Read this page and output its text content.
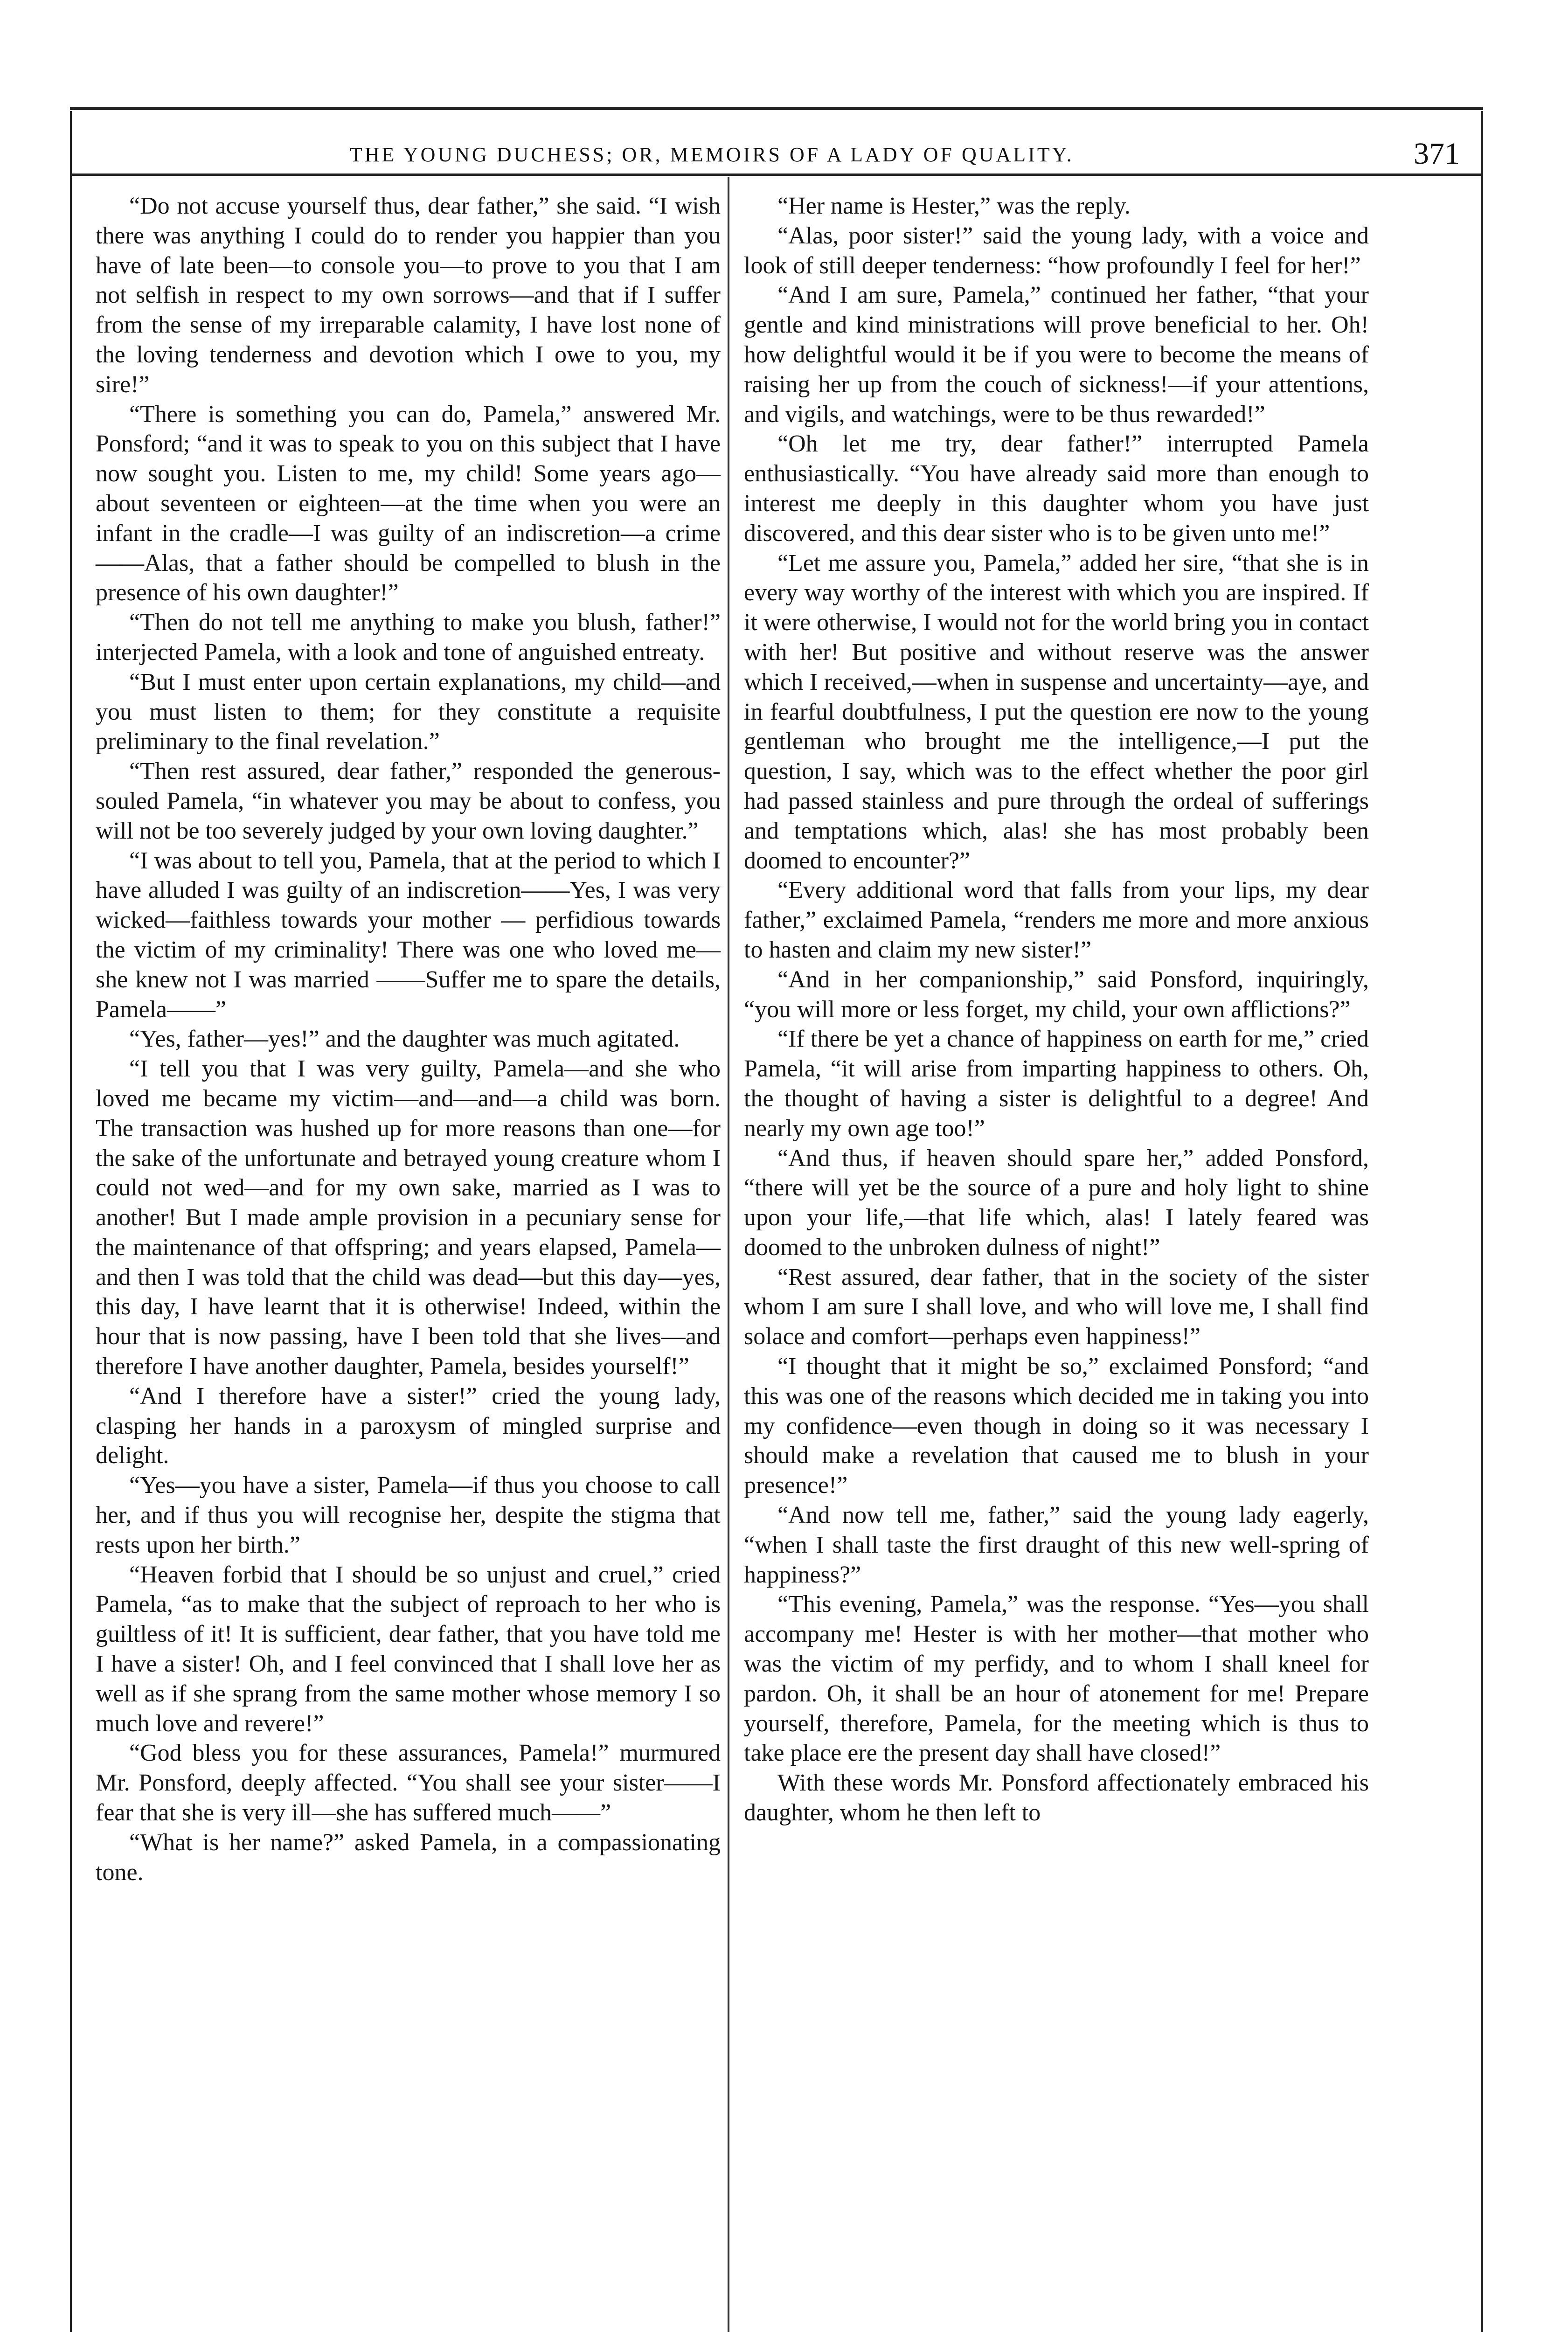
THE YOUNG DUCHESS; OR, MEMOIRS OF A LADY OF QUALITY.	371

“Do not accuse yourself thus, dear father,” she said. “I wish there was anything I could do to render you happier than you have of late been—to console you—to prove to you that I am not selfish in respect to my own sorrows—and that if I suffer from the sense of my irreparable calamity, I have lost none of the loving tenderness and devotion which I owe to you, my sire!”

“There is something you can do, Pamela,” answered Mr. Ponsford; “and it was to speak to you on this subject that I have now sought you. Listen to me, my child! Some years ago—about seventeen or eighteen—at the time when you were an infant in the cradle—I was guilty of an indiscretion—a crime——Alas, that a father should be compelled to blush in the presence of his own daughter!”

“Then do not tell me anything to make you blush, father!” interjected Pamela, with a look and tone of anguished entreaty.

“But I must enter upon certain explanations, my child—and you must listen to them; for they constitute a requisite preliminary to the final revelation.”

“Then rest assured, dear father,” responded the generous-souled Pamela, “in whatever you may be about to confess, you will not be too severely judged by your own loving daughter.”

“I was about to tell you, Pamela, that at the period to which I have alluded I was guilty of an indiscretion——Yes, I was very wicked—faithless towards your mother — perfidious towards the victim of my criminality! There was one who loved me—she knew not I was married ——Suffer me to spare the details, Pamela——”

“Yes, father—yes!” and the daughter was much agitated.

“I tell you that I was very guilty, Pamela—and she who loved me became my victim—and—and—a child was born. The transaction was hushed up for more reasons than one—for the sake of the unfortunate and betrayed young creature whom I could not wed—and for my own sake, married as I was to another! But I made ample provision in a pecuniary sense for the maintenance of that offspring; and years elapsed, Pamela—and then I was told that the child was dead—but this day—yes, this day, I have learnt that it is otherwise! Indeed, within the hour that is now passing, have I been told that she lives—and therefore I have another daughter, Pamela, besides yourself!”

“And I therefore have a sister!” cried the young lady, clasping her hands in a paroxysm of mingled surprise and delight.

“Yes—you have a sister, Pamela—if thus you choose to call her, and if thus you will recognise her, despite the stigma that rests upon her birth.”

“Heaven forbid that I should be so unjust and cruel,” cried Pamela, “as to make that the subject of reproach to her who is guiltless of it! It is sufficient, dear father, that you have told me I have a sister! Oh, and I feel convinced that I shall love her as well as if she sprang from the same mother whose memory I so much love and revere!”

“God bless you for these assurances, Pamela!” murmured Mr. Ponsford, deeply affected. “You shall see your sister——I fear that she is very ill—she has suffered much——”

“What is her name?” asked Pamela, in a compassionating tone.

“Her name is Hester,” was the reply.

“Alas, poor sister!” said the young lady, with a voice and look of still deeper tenderness: “how profoundly I feel for her!”

“And I am sure, Pamela,” continued her father, “that your gentle and kind ministrations will prove beneficial to her. Oh! how delightful would it be if you were to become the means of raising her up from the couch of sickness!—if your attentions, and vigils, and watchings, were to be thus rewarded!”

“Oh let me try, dear father!” interrupted Pamela enthusiastically. “You have already said more than enough to interest me deeply in this daughter whom you have just discovered, and this dear sister who is to be given unto me!”

“Let me assure you, Pamela,” added her sire, “that she is in every way worthy of the interest with which you are inspired. If it were otherwise, I would not for the world bring you in contact with her! But positive and without reserve was the answer which I received,—when in suspense and uncertainty—aye, and in fearful doubtfulness, I put the question ere now to the young gentleman who brought me the intelligence,—I put the question, I say, which was to the effect whether the poor girl had passed stainless and pure through the ordeal of sufferings and temptations which, alas! she has most probably been doomed to encounter?”

“Every additional word that falls from your lips, my dear father,” exclaimed Pamela, “renders me more and more anxious to hasten and claim my new sister!”

“And in her companionship,” said Ponsford, inquiringly, “you will more or less forget, my child, your own afflictions?”

“If there be yet a chance of happiness on earth for me,” cried Pamela, “it will arise from imparting happiness to others. Oh, the thought of having a sister is delightful to a degree! And nearly my own age too!”

“And thus, if heaven should spare her,” added Ponsford, “there will yet be the source of a pure and holy light to shine upon your life,—that life which, alas! I lately feared was doomed to the unbroken dulness of night!”

“Rest assured, dear father, that in the society of the sister whom I am sure I shall love, and who will love me, I shall find solace and comfort—perhaps even happiness!”

“I thought that it might be so,” exclaimed Ponsford; “and this was one of the reasons which decided me in taking you into my confidence—even though in doing so it was necessary I should make a revelation that caused me to blush in your presence!”

“And now tell me, father,” said the young lady eagerly, “when I shall taste the first draught of this new well-spring of happiness?”

“This evening, Pamela,” was the response. “Yes—you shall accompany me! Hester is with her mother—that mother who was the victim of my perfidy, and to whom I shall kneel for pardon. Oh, it shall be an hour of atonement for me! Prepare yourself, therefore, Pamela, for the meeting which is thus to take place ere the present day shall have closed!”

With these words Mr. Ponsford affectionately embraced his daughter, whom he then left to
